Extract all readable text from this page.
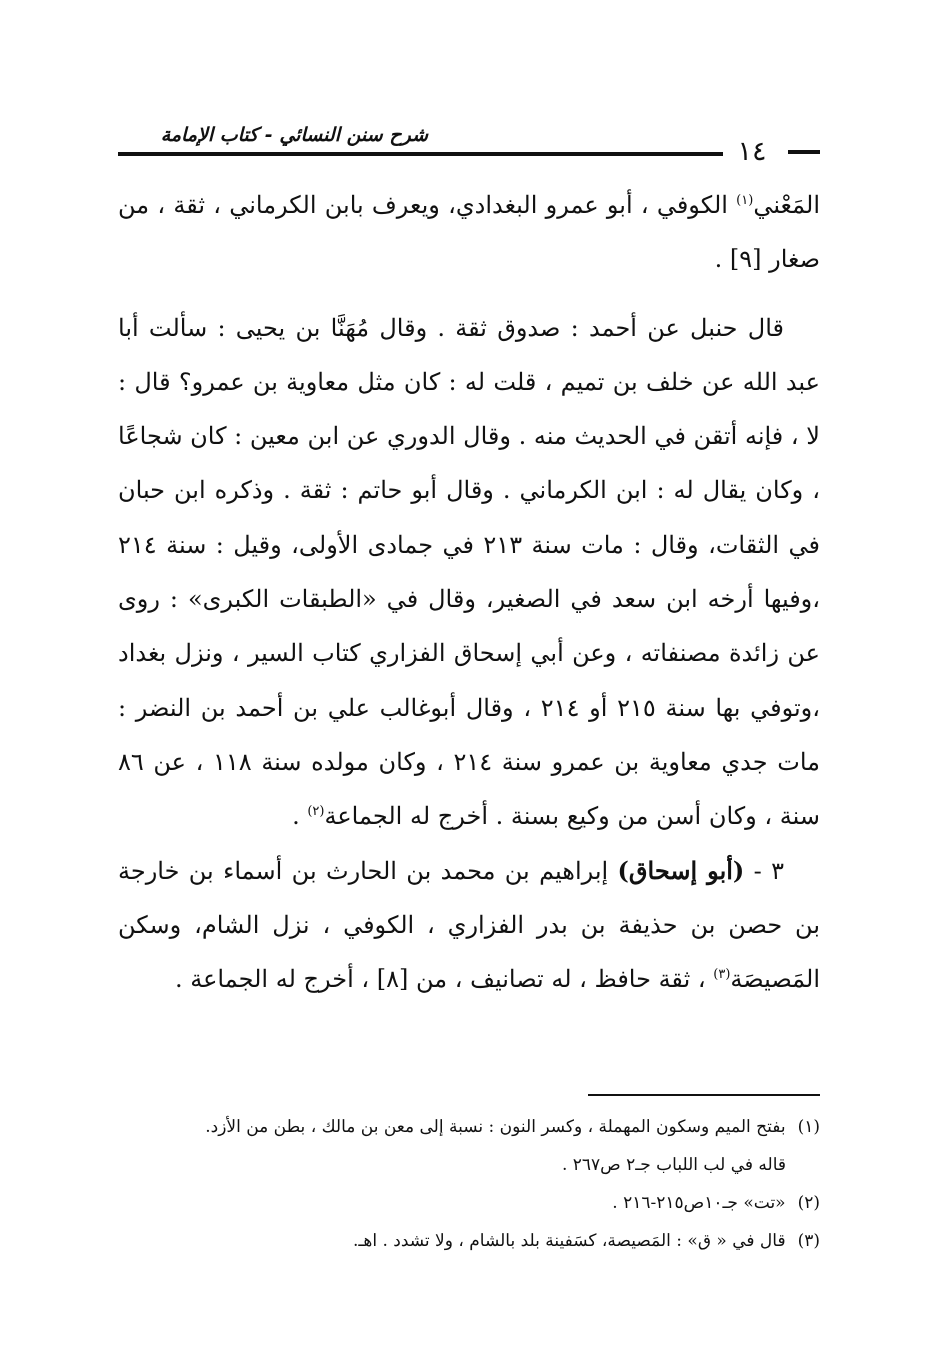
شرح سنن النسائي - كتاب الإمامة
١٤

المَعْني$^{(١)}$ الكوفي ، أبو عمرو البغدادي، ويعرف بابن الكرماني ، ثقة ، من صغار [٩] .

قال حنبل عن أحمد : صدوق ثقة . وقال مُهَنَّا بن يحيى : سألت أبا عبد الله عن خلف بن تميم ، قلت له : كان مثل معاوية بن عمرو؟ قال : لا ، فإنه أتقن في الحديث منه . وقال الدوري عن ابن معين : كان شجاعًا ، وكان يقال له : ابن الكرماني . وقال أبو حاتم : ثقة . وذكره ابن حبان في الثقات، وقال : مات سنة ٢١٣ في جمادى الأولى، وقيل : سنة ٢١٤ ،وفيها أرخه ابن سعد في الصغير، وقال في «الطبقات الكبرى» : روى عن زائدة مصنفاته ، وعن أبي إسحاق الفزاري كتاب السير ، ونزل بغداد ،وتوفي بها سنة ٢١٥ أو ٢١٤ ، وقال أبوغالب علي بن أحمد بن النضر : مات جدي معاوية بن عمرو سنة ٢١٤ ، وكان مولده سنة ١١٨ ، عن ٨٦ سنة ، وكان أسن من وكيع بسنة . أخرج له الجماعة$^{(٢)}$ .

٣ - (أبو إسحاق) إبراهيم بن محمد بن الحارث بن أسماء بن خارجة بن حصن بن حذيفة بن بدر الفزاري ، الكوفي ، نزل الشام، وسكن المَصيصَة$^{(٣)}$ ، ثقة حافظ ، له تصانيف ، من [٨] ، أخرج له الجماعة .

(١)بفتح الميم وسكون المهملة ، وكسر النون : نسبة إلى معن بن مالك ، بطن من الأزد.
قاله في لب اللباب جـ٢ ص٢٦٧ .
(٢)«تت» جـ١٠ص٢١٥-٢١٦ .
(٣)قال في « ق» : المَصيصة، كسَفينة بلد بالشام ، ولا تشدد . اهـ.
